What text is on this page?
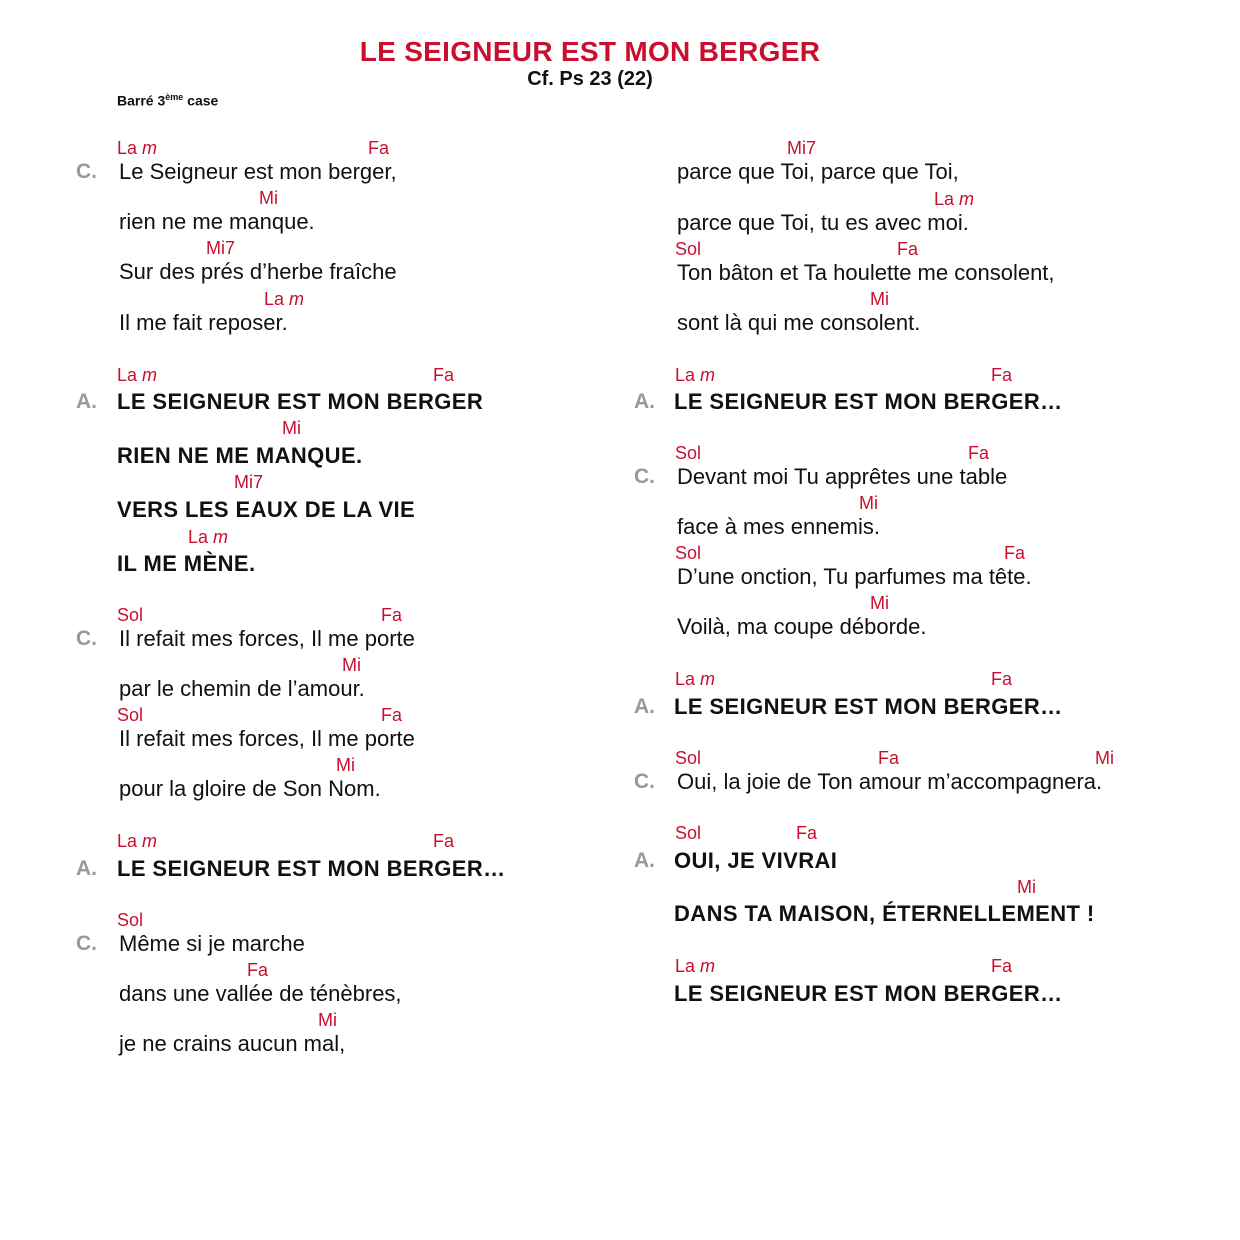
LE SEIGNEUR EST MON BERGER
Cf. Ps 23 (22)
Barré 3ème case
La m	Fa
C. Le Seigneur est mon berger,
Mi
rien ne me manque.
Mi7
Sur des prés d’herbe fraîche
La m
Il me fait reposer.
La m	Fa
A. LE SEIGNEUR EST MON BERGER
Mi
RIEN NE ME MANQUE.
Mi7
VERS LES EAUX DE LA VIE
La m
IL ME MÈNE.
Sol	Fa
C. Il refait mes forces, Il me porte
Mi
par le chemin de l’amour.
Sol	Fa
Il refait mes forces, Il me porte
Mi
pour la gloire de Son Nom.
La m	Fa
A. LE SEIGNEUR EST MON BERGER…
Sol
C. Même si je marche
Fa
dans une vallée de ténèbres,
Mi
je ne crains aucun mal,
Mi7
parce que Toi, parce que Toi,
La m
parce que Toi, tu es avec moi.
Sol	Fa
Ton bâton et Ta houlette me consolent,
Mi
sont là qui me consolent.
La m	Fa
A. LE SEIGNEUR EST MON BERGER…
Sol	Fa
C. Devant moi Tu apprêtes une table
Mi
face à mes ennemis.
Sol	Fa
D’une onction, Tu parfumes ma tête.
Mi
Voilà, ma coupe déborde.
La m	Fa
A. LE SEIGNEUR EST MON BERGER…
Sol	Fa	Mi
C. Oui, la joie de Ton amour m’accompagnera.
Sol	Fa
A. OUI, JE VIVRAI
Mi
DANS TA MAISON, ÉTERNELLEMENT !
La m	Fa
LE SEIGNEUR EST MON BERGER…
